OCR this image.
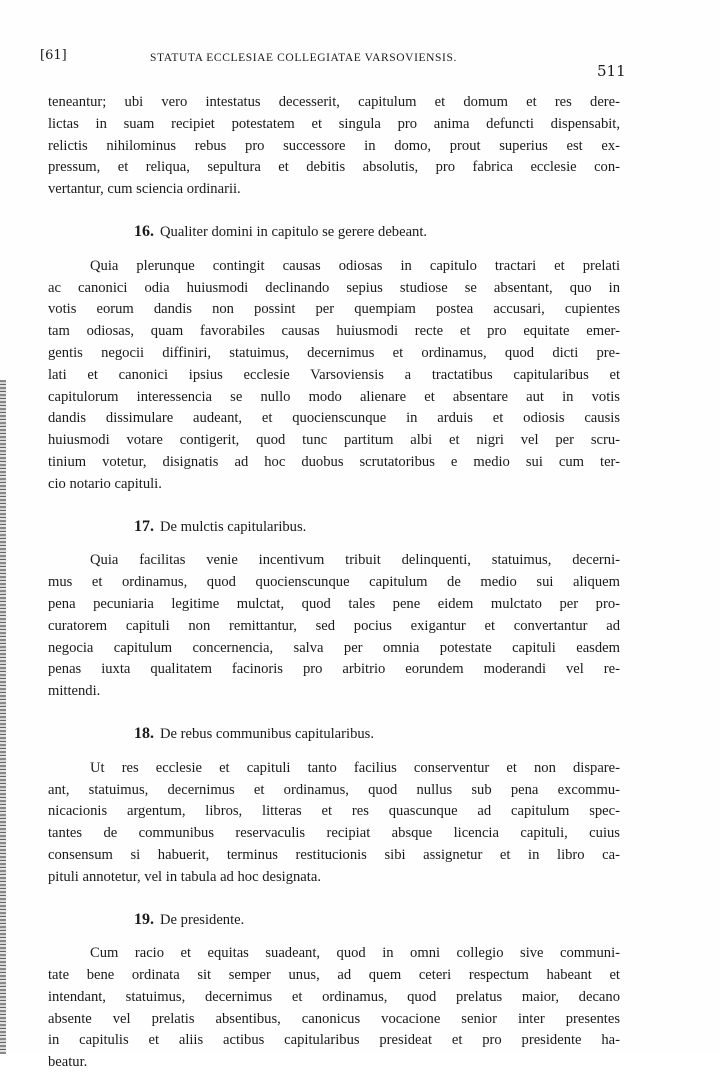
[61]	STATUTA ECCLESIAE COLLEGIATAE VARSOVIENSIS.
511

teneantur; ubi vero intestatus decesserit, capitulum et domum et res dere-
lictas in suam recipiet potestatem et singula pro anima defuncti dispensabit,
relictis nihilominus rebus pro successore in domo, prout superius est ex-
pressum, et reliqua, sepultura et debitis absolutis, pro fabrica ecclesie con-
vertantur, cum sciencia ordinarii.

16. Qualiter domini in capitulo se gerere debeant.

Quia plerunque contingit causas odiosas in capitulo tractari et prelati
ac canonici odia huiusmodi declinando sepius studiose se absentant, quo in
votis eorum dandis non possint per quempiam postea accusari, cupientes
tam odiosas, quam favorabiles causas huiusmodi recte et pro equitate emer-
gentis negocii diffiniri, statuimus, decernimus et ordinamus, quod dicti pre-
lati et canonici ipsius ecclesie Varsoviensis a tractatibus capitularibus et
capitulorum interessencia se nullo modo alienare et absentare aut in votis
dandis dissimulare audeant, et quocienscunque in arduis et odiosis causis
huiusmodi votare contigerit, quod tunc partitum albi et nigri vel per scru-
tinium votetur, disignatis ad hoc duobus scrutatoribus e medio sui cum ter-
cio notario capituli.

17. De mulctis capitularibus.

Quia facilitas venie incentivum tribuit delinquenti, statuimus, decerni-
mus et ordinamus, quod quocienscunque capitulum de medio sui aliquem
pena pecuniaria legitime mulctat, quod tales pene eidem mulctato per pro-
curatorem capituli non remittantur, sed pocius exigantur et convertantur ad
negocia capitulum concernencia, salva per omnia potestate capituli easdem
penas iuxta qualitatem facinoris pro arbitrio eorundem moderandi vel re-
mittendi.

18. De rebus communibus capitularibus.

Ut res ecclesie et capituli tanto facilius conserventur et non dispare-
ant, statuimus, decernimus et ordinamus, quod nullus sub pena excommu-
nicacionis argentum, libros, litteras et res quascunque ad capitulum spec-
tantes de communibus reservaculis recipiat absque licencia capituli, cuius
consensum si habuerit, terminus restitucionis sibi assignetur et in libro ca-
pituli annotetur, vel in tabula ad hoc designata.

19. De presidente.

Cum racio et equitas suadeant, quod in omni collegio sive communi-
tate bene ordinata sit semper unus, ad quem ceteri respectum habeant et
intendant, statuimus, decernimus et ordinamus, quod prelatus maior, decano
absente vel prelatis absentibus, canonicus vocacione senior inter presentes
in capitulis et aliis actibus capitularibus presideat et pro presidente ha-
beatur.
